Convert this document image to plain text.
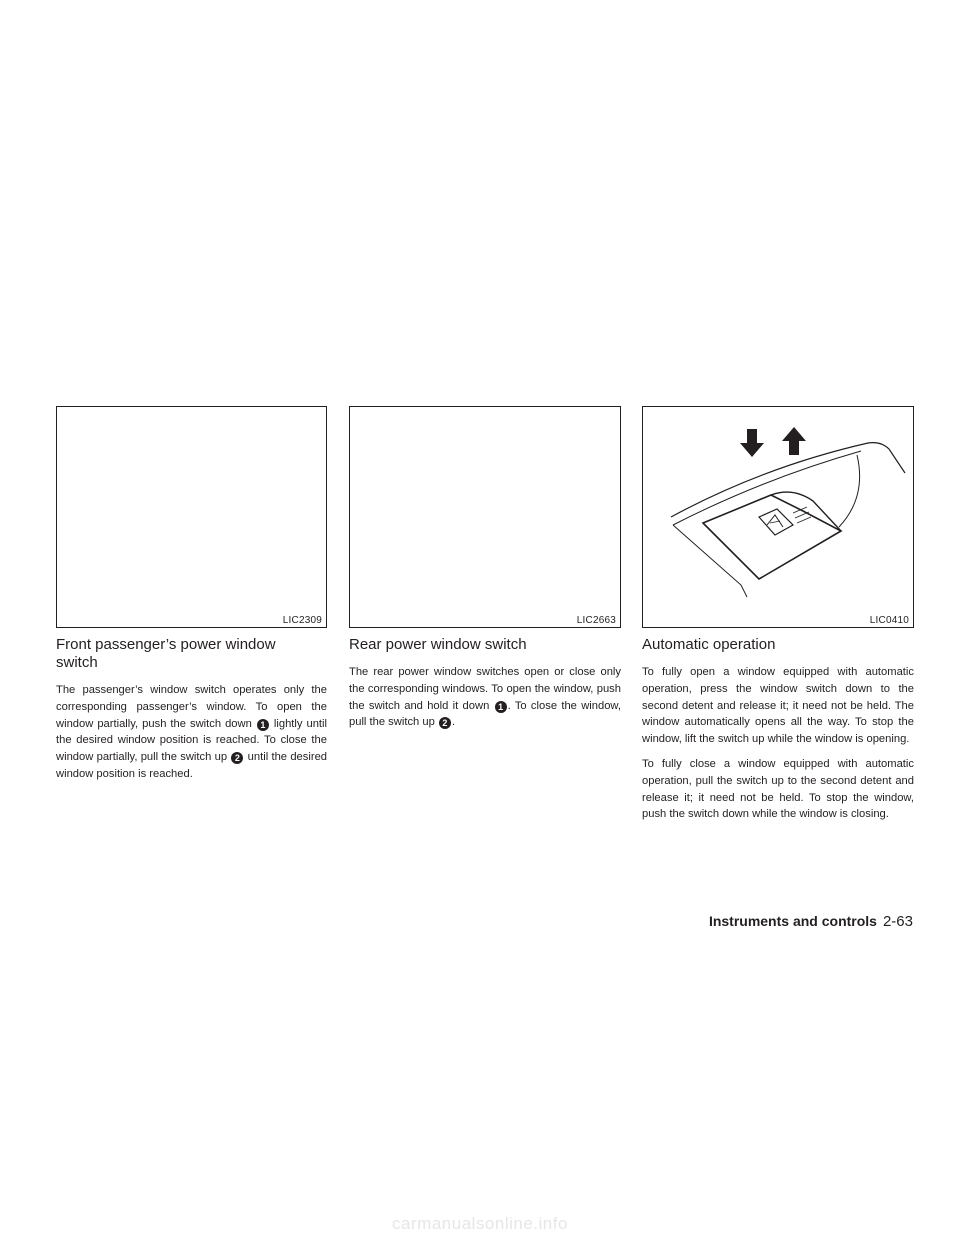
LIC2309	LIC2663	LIC0410
Front passenger’s power window
switch

The passenger’s window switch operates only the corresponding passenger’s window. To open the window partially, push the switch down 1 lightly until the desired window position is reached. To close the window partially, pull the switch up 2 until the desired window position is reached.

Rear power window switch

The rear power window switches open or close only the corresponding windows. To open the window, push the switch and hold it down 1 . To close the window, pull the switch up 2 .

Automatic operation

To fully open a window equipped with automatic operation, press the window switch down to the second detent and release it; it need not be held. The window automatically opens all the way. To stop the window, lift the switch up while the window is opening.

To fully close a window equipped with automatic operation, pull the switch up to the second detent and release it; it need not be held. To stop the window, push the switch down while the window is closing.

Instruments and controls 2-63
carmanualsonline.info
